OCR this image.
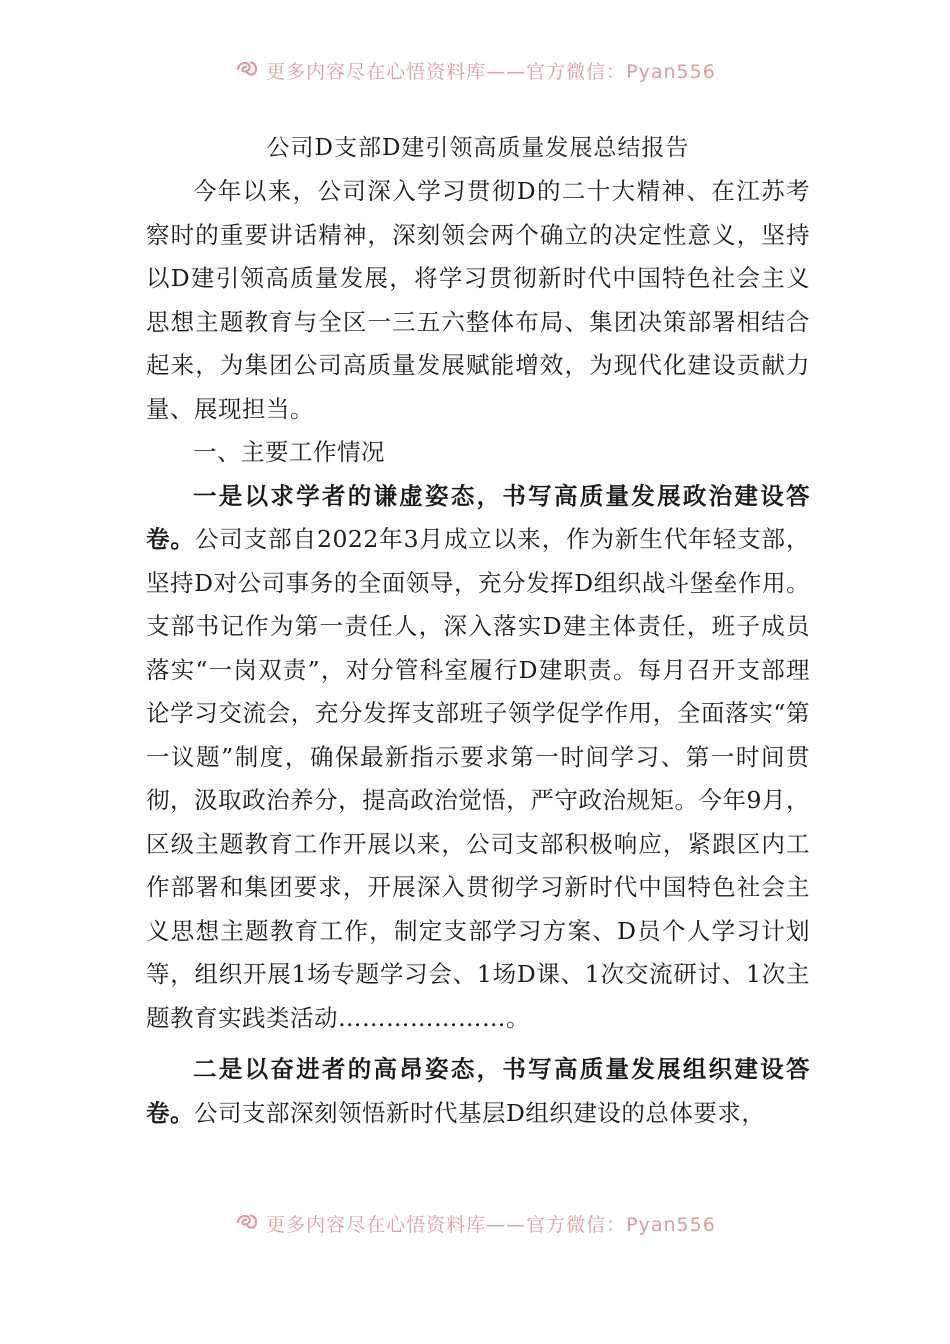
更多内容尽在心悟资料库——官方微信：Pyan556
公司D支部D建引领高质量发展总结报告

今年以来，公司深入学习贯彻D的二十大精神、在江苏考察时的重要讲话精神，深刻领会两个确立的决定性意义，坚持以D建引领高质量发展，将学习贯彻新时代中国特色社会主义思想主题教育与全区一三五六整体布局、集团决策部署相结合起来，为集团公司高质量发展赋能增效，为现代化建设贡献力量、展现担当。

一、主要工作情况

一是以求学者的谦虚姿态，书写高质量发展政治建设答卷。公司支部自2022年3月成立以来，作为新生代年轻支部，坚持D对公司事务的全面领导，充分发挥D组织战斗堡垒作用。支部书记作为第一责任人，深入落实D建主体责任，班子成员落实“一岗双责”，对分管科室履行D建职责。每月召开支部理论学习交流会，充分发挥支部班子领学促学作用，全面落实“第一议题”制度，确保最新指示要求第一时间学习、第一时间贯彻，汲取政治养分，提高政治觉悟，严守政治规矩。今年9月，区级主题教育工作开展以来，公司支部积极响应，紧跟区内工作部署和集团要求，开展深入贯彻学习新时代中国特色社会主义思想主题教育工作，制定支部学习方案、D员个人学习计划等，组织开展1场专题学习会、1场D课、1次交流研讨、1次主题教育实践类活动…………………。

二是以奋进者的高昂姿态，书写高质量发展组织建设答卷。公司支部深刻领悟新时代基层D组织建设的总体要求，

更多内容尽在心悟资料库——官方微信：Pyan556
